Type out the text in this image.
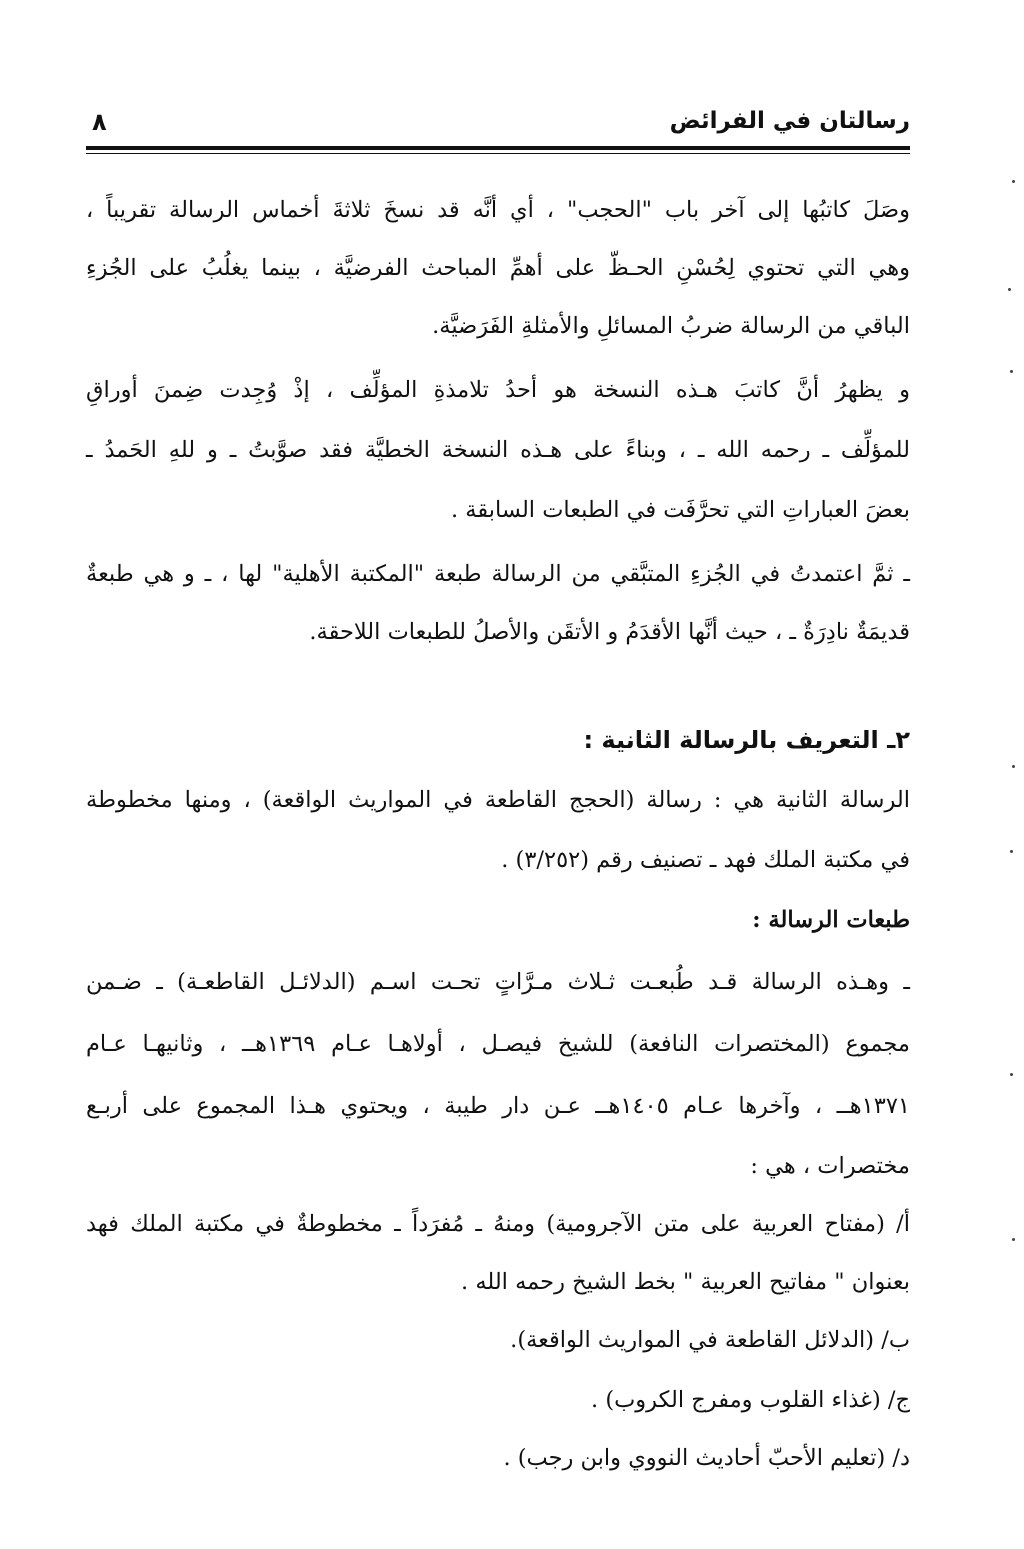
رسالتان في الفرائض
٨
وصَلَ كاتبُها إلى آخر باب "الحجب" ، أي أنَّه قد نسخَ ثلاثةَ أخماس الرسالة تقريباً ،
وهي التي تحتوي لِحُسْنِ الحـظّ على أهمِّ المباحث الفرضيَّة ، بينما يغلُبُ على الجُزءِ
الباقي من الرسالة ضربُ المسائلِ والأمثلةِ الفَرَضيَّة.
و يظهرُ أنَّ كاتبَ هـذه النسخة هو أحدُ تلامذةِ المؤلِّف ، إذْ وُجِدت ضِمنَ أوراقِ
للمؤلِّف ـ رحمه الله ـ ، وبناءً على هـذه النسخة الخطيَّة فقد صوَّبتُ ـ و للهِ الحَمدُ ـ
بعضَ العباراتِ التي تحرَّفَت في الطبعات السابقة .
ـ ثمَّ اعتمدتُ في الجُزءِ المتبَّقي من الرسالة طبعة "المكتبة الأهلية" لها ، ـ و هي طبعةٌ
قديمَةٌ نادِرَةٌ ـ ، حيث أنَّها الأقدَمُ و الأتقَن والأصلُ للطبعات اللاحقة.
٢ـ التعريف بالرسالة الثانية :
الرسالة الثانية هي : رسالة (الحجج القاطعة في المواريث الواقعة) ، ومنها مخطوطة
في مكتبة الملك فهد ـ تصنيف رقم (٣/٢٥٢) .
طبعات الرسالة :
ـ وهـذه الرسالة قـد طُبعـت ثـلاث مـرَّاتٍ تحـت اسـم (الدلائـل القاطعـة) ـ ضـمن
مجموع (المختصرات النافعة) للشيخ فيصـل ، أولاهـا عـام ١٣٦٩هــ ، وثانيهـا عـام
١٣٧١هــ ، وآخرها عـام ١٤٠٥هــ عـن دار طيبة ، ويحتوي هـذا المجموع على أربـع
مختصرات ، هي :
أ/ (مفتاح العربية على متن الآجرومية) ومنهُ ـ مُفرَداً ـ مخطوطةٌ في مكتبة الملك فهد
بعنوان " مفاتيح العربية " بخط الشيخ رحمه الله .
ب/ (الدلائل القاطعة في المواريث الواقعة).
ج/ (غذاء القلوب ومفرج الكروب) .
د/ (تعليم الأحبّ أحاديث النووي وابن رجب) .
